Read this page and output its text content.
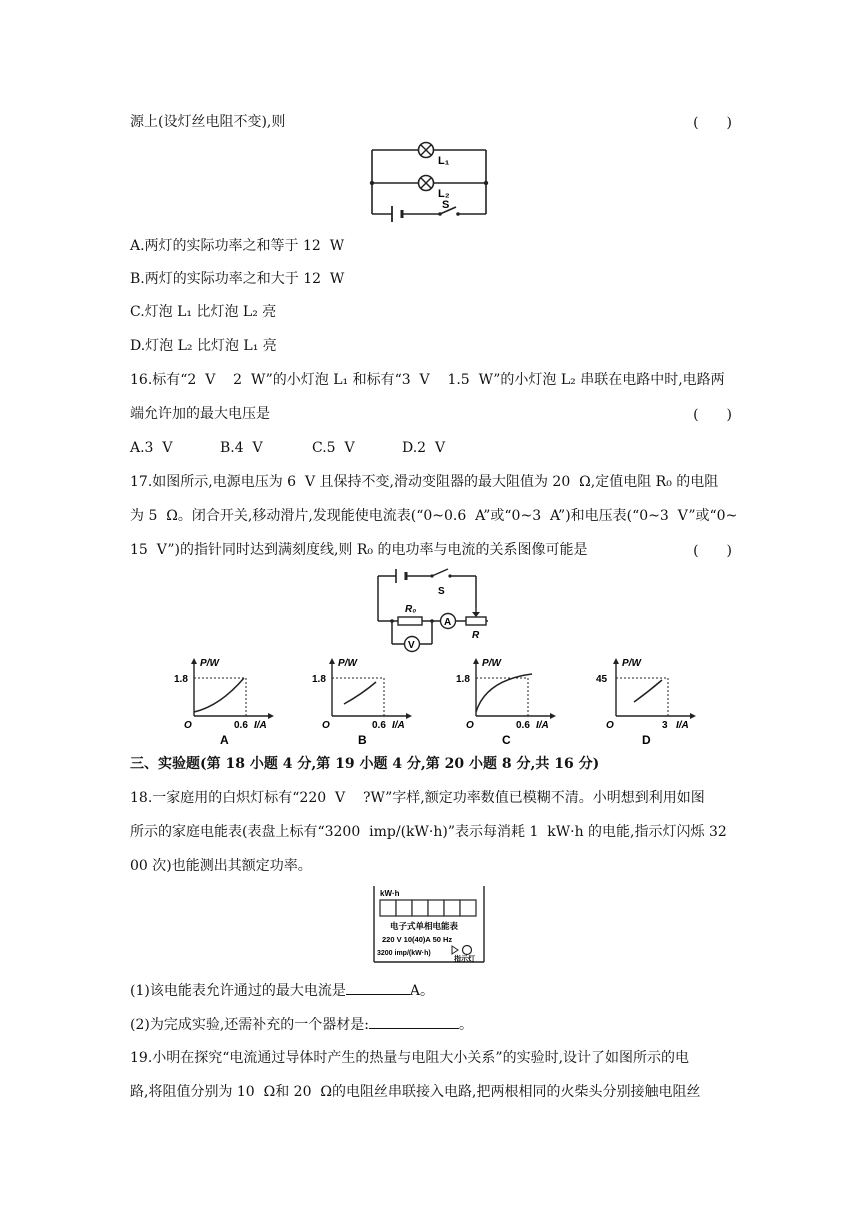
源上(设灯丝电阻不变),则	(　　)
S
L₁
L₂
A.两灯的实际功率之和等于 12  W
B.两灯的实际功率之和大于 12  W
C.灯泡 L₁ 比灯泡 L₂ 亮
D.灯泡 L₂ 比灯泡 L₁ 亮
16.标有“2  V    2  W”的小灯泡 L₁ 和标有“3  V    1.5  W”的小灯泡 L₂ 串联在电路中时,电路两
端允许加的最大电压是	(　　)
A.3  V	B.4  V	C.5  V	D.2  V
17.如图所示,电源电压为 6  V 且保持不变,滑动变阻器的最大阻值为 20  Ω,定值电阻 R₀ 的电阻
为 5  Ω。闭合开关,移动滑片,发现能使电流表(“0~0.6  A”或“0~3  A”)和电压表(“0~3  V”或“0~
15  V”)的指针同时达到满刻度线,则 R₀ 的电功率与电流的关系图像可能是	(　　)
S
R₀
A
R
V
P/W
1.8
O	0.6 I/A
A
P/W
1.8
O	0.6 I/A
B
P/W
1.8
O	0.6 I/A
C
P/W
45
O	3 I/A
D
三、实验题(第 18 小题 4 分,第 19 小题 4 分,第 20 小题 8 分,共 16 分)
18.一家庭用的白炽灯标有“220  V    ?W”字样,额定功率数值已模糊不清。小明想到利用如图
所示的家庭电能表(表盘上标有“3200  imp/(kW·h)”表示每消耗 1  kW·h 的电能,指示灯闪烁 32
00 次)也能测出其额定功率。
kW·h
电子式单相电能表
220 V 10(40)A 50 Hz
3200 imp/(kW·h)
指示灯
(1)该电能表允许通过的最大电流是	A。
(2)为完成实验,还需补充的一个器材是:	。
19.小明在探究“电流通过导体时产生的热量与电阻大小关系”的实验时,设计了如图所示的电
路,将阻值分别为 10  Ω和 20  Ω的电阻丝串联接入电路,把两根相同的火柴头分别接触电阻丝
